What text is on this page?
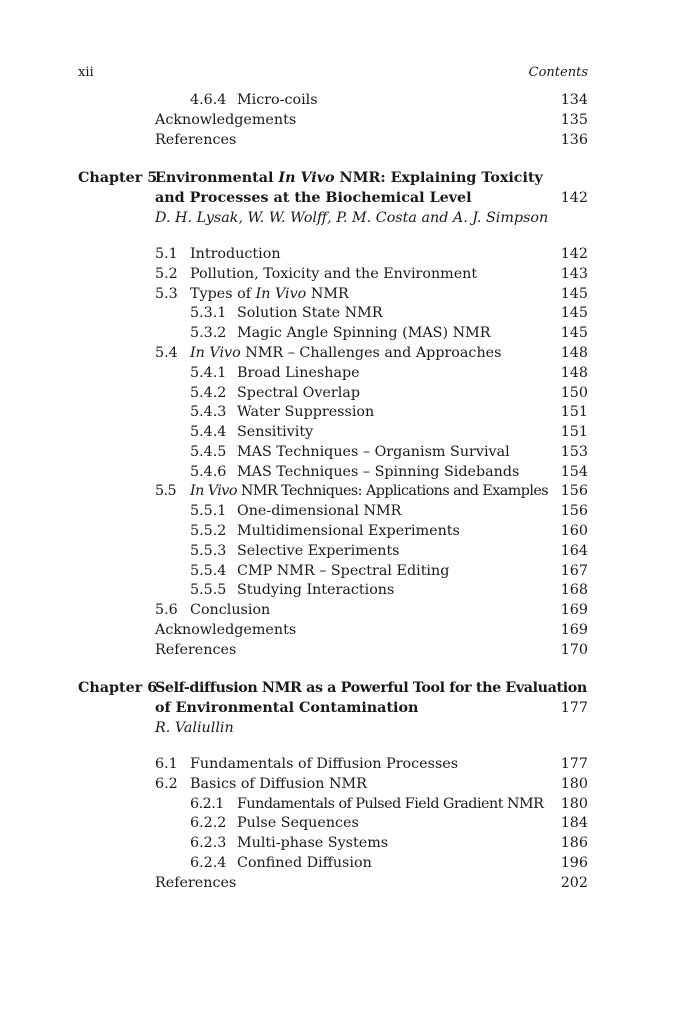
xii	Contents
4.6.4 Micro-coils	134
Acknowledgements	135
References	136
Chapter 5
Environmental In Vivo NMR: Explaining Toxicity
and Processes at the Biochemical Level	142
D. H. Lysak, W. W. Wolff, P. M. Costa and A. J. Simpson
5.1 Introduction	142
5.2 Pollution, Toxicity and the Environment	143
5.3 Types of In Vivo NMR	145
5.3.1 Solution State NMR	145
5.3.2 Magic Angle Spinning (MAS) NMR	145
5.4 In Vivo NMR – Challenges and Approaches	148
5.4.1 Broad Lineshape	148
5.4.2 Spectral Overlap	150
5.4.3 Water Suppression	151
5.4.4 Sensitivity	151
5.4.5 MAS Techniques – Organism Survival	153
5.4.6 MAS Techniques – Spinning Sidebands	154
5.5 In Vivo NMR Techniques: Applications and Examples 156
5.5.1 One-dimensional NMR	156
5.5.2 Multidimensional Experiments	160
5.5.3 Selective Experiments	164
5.5.4 CMP NMR – Spectral Editing	167
5.5.5 Studying Interactions	168
5.6 Conclusion	169
Acknowledgements	169
References	170
Chapter 6
Self-diffusion NMR as a Powerful Tool for the Evaluation
of Environmental Contamination	177
R. Valiullin
6.1 Fundamentals of Diffusion Processes	177
6.2 Basics of Diffusion NMR	180
6.2.1 Fundamentals of Pulsed Field Gradient NMR 180
6.2.2 Pulse Sequences	184
6.2.3 Multi-phase Systems	186
6.2.4 Confined Diffusion	196
References	202
